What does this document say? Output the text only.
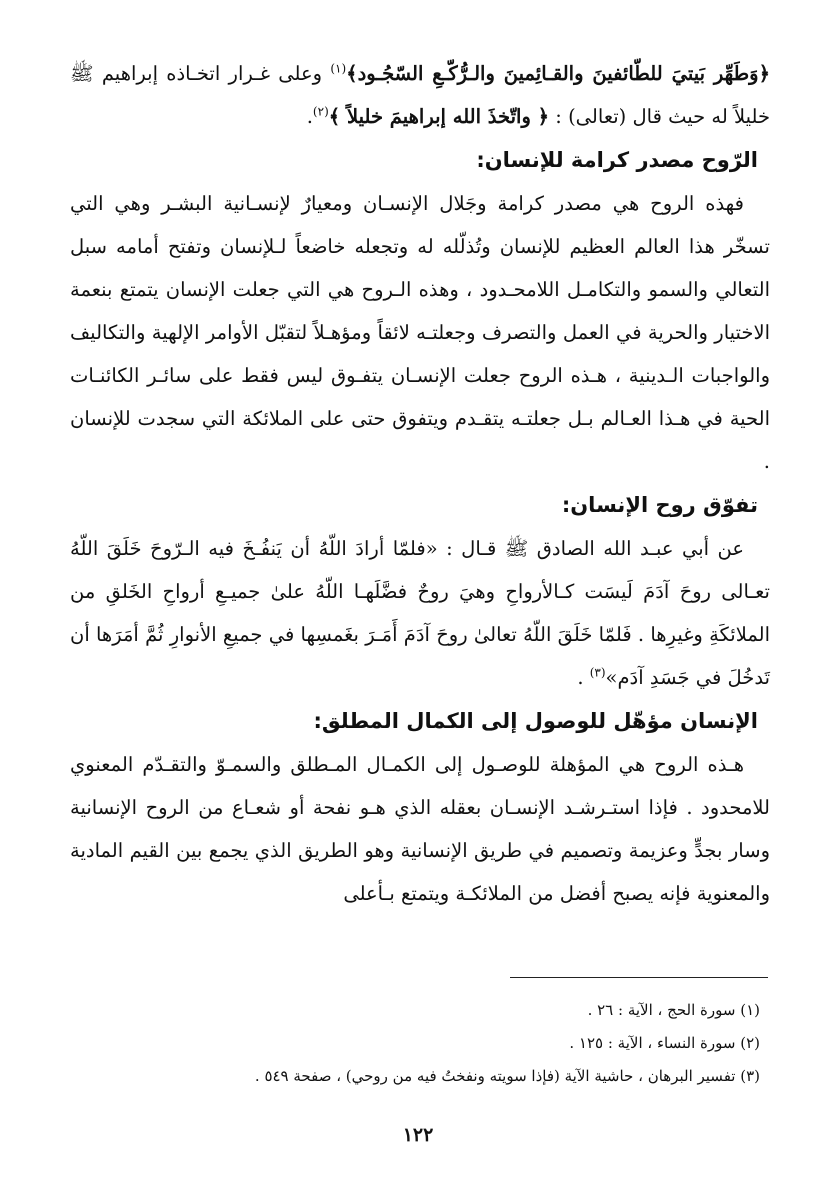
﴿وَطَهِّر بَيتيَ للطّائفينَ والقـائِمينَ والـرُّكّـعِ السّجُـود﴾$^{(١)}$ وعلى غـرار اتخـاذه إبراهيم ﷺ خليلاً له حيث قال (تعالى) : ﴿ واتّخذَ الله إبراهيمَ خليلاً ﴾$^{(٢)}$.

الرّوح مصدر كرامة للإنسان:

فهذه الروح هي مصدر كرامة وجَلال الإنسـان ومعيارٌ لإنسـانية البشـر وهي التي تسخّر هذا العالم العظيم للإنسان وتُذلّله له وتجعله خاضعاً لـلإنسان وتفتح أمامه سبل التعالي والسمو والتكامـل اللامحـدود ، وهذه الـروح هي التي جعلت الإنسان يتمتع بنعمة الاختيار والحرية في العمل والتصرف وجعلتـه لائقاً ومؤهـلاً لتقبّل الأوامر الإلهية والتكاليف والواجبات الـدينية ، هـذه الروح جعلت الإنسـان يتفـوق ليس فقط على سائـر الكائنـات الحية في هـذا العـالم بـل جعلتـه يتقـدم ويتفوق حتى على الملائكة التي سجدت للإنسان .

تفوّق روح الإنسان:

عن أبي عبـد الله الصادق ﷺ قـال : «فلمّا أرادَ اللّهُ أن يَنفُـخَ فيه الـرّوحَ خَلَقَ اللّهُ تعـالى روحَ آدَمَ لَيسَت كـالأرواحِ وهيَ روحٌ فضَّلَهـا اللّهُ علىٰ جميـعِ أرواحِ الخَلقِ من الملائكَةِ وغيرِها . فَلمّا خَلَقَ اللّهُ تعالىٰ روحَ آدَمَ أَمَـرَ بغَمسِها في جميعِ الأنوارِ ثُمَّ أمَرَها أن تَدخُلَ في جَسَدِ آدَم»$^{(٣)}$ .

الإنسان مؤهّل للوصول إلى الكمال المطلق:

هـذه الروح هي المؤهلة للوصـول إلى الكمـال المـطلق والسمـوّ والتقـدّم المعنوي للامحدود . فإذا استـرشـد الإنسـان بعقله الذي هـو نفحة أو شعـاع من الروح الإنسانية وسار بجدٍّ وعزيمة وتصميم في طريق الإنسانية وهو الطريق الذي يجمع بين القيم المادية والمعنوية فإنه يصبح أفضل من الملائكـة ويتمتع بـأعلى

(١) سورة الحج ، الآية : ٢٦ .

(٢) سورة النساء ، الآية : ١٢٥ .

(٣) تفسير البرهان ، حاشية الآية (فإذا سويته ونفختُ فيه من روحي) ، صفحة ٥٤٩ .

١٢٢
